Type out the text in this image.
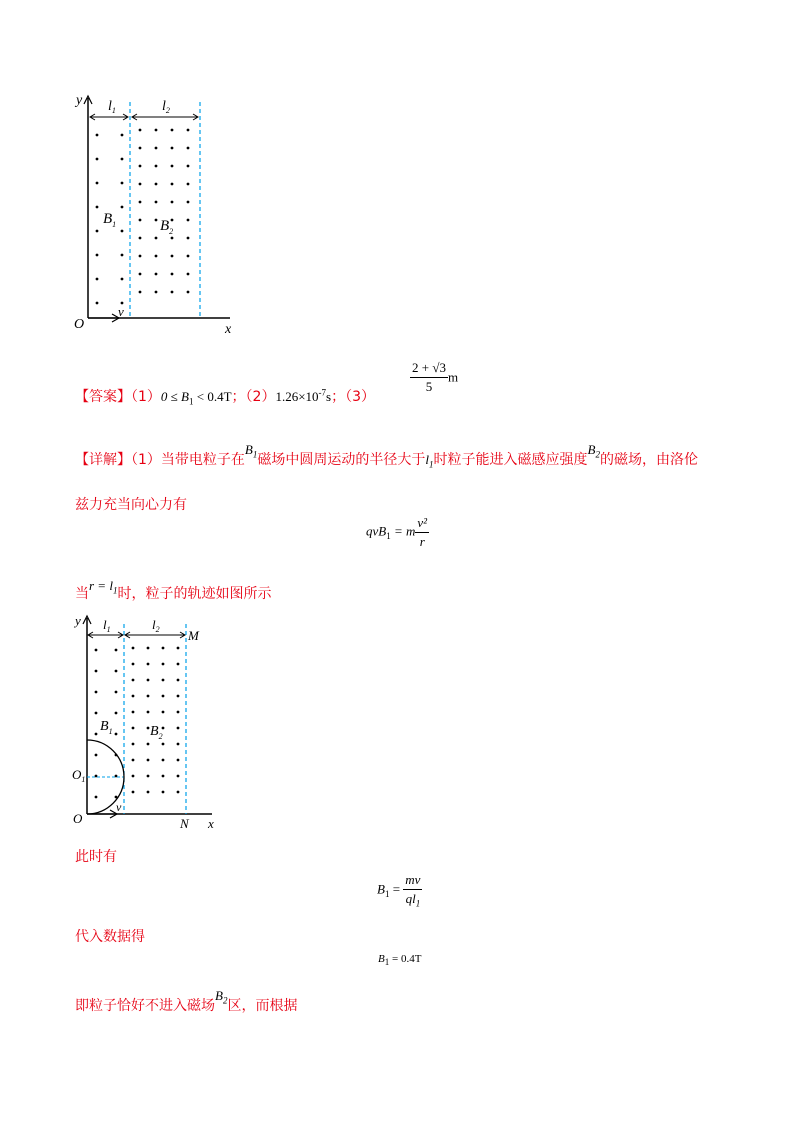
y $l_1$	$l_2$
$B_1$	$B_2$
v
O	x
【答案】$(1)0 \le B_1 < 0.4T$；$(2)1.26\times 10^{-7}s$；（3）
$\frac{2 + √3}{5}$ m
【详解】（1）当带电粒子在$B_1$磁场中圆周运动的半径大于$l_1$时粒子能进入磁感应强度$B_2$的磁场，由洛伦
兹力充当向心力有
qvB$_1$ = m $\frac{\text{v²}}{r}$
当$r = l_1$时，粒子的轨迹如图所示
y $l_1$	$l_2$ M
$B_1$	$B_2$
$O_1$
v
O	N x
此时有
$B_1 = \frac{mv}{ql_1}$
代入数据得
$B_1 = 0.4T$
即粒子恰好不进入磁场$B_2$区，而根据
